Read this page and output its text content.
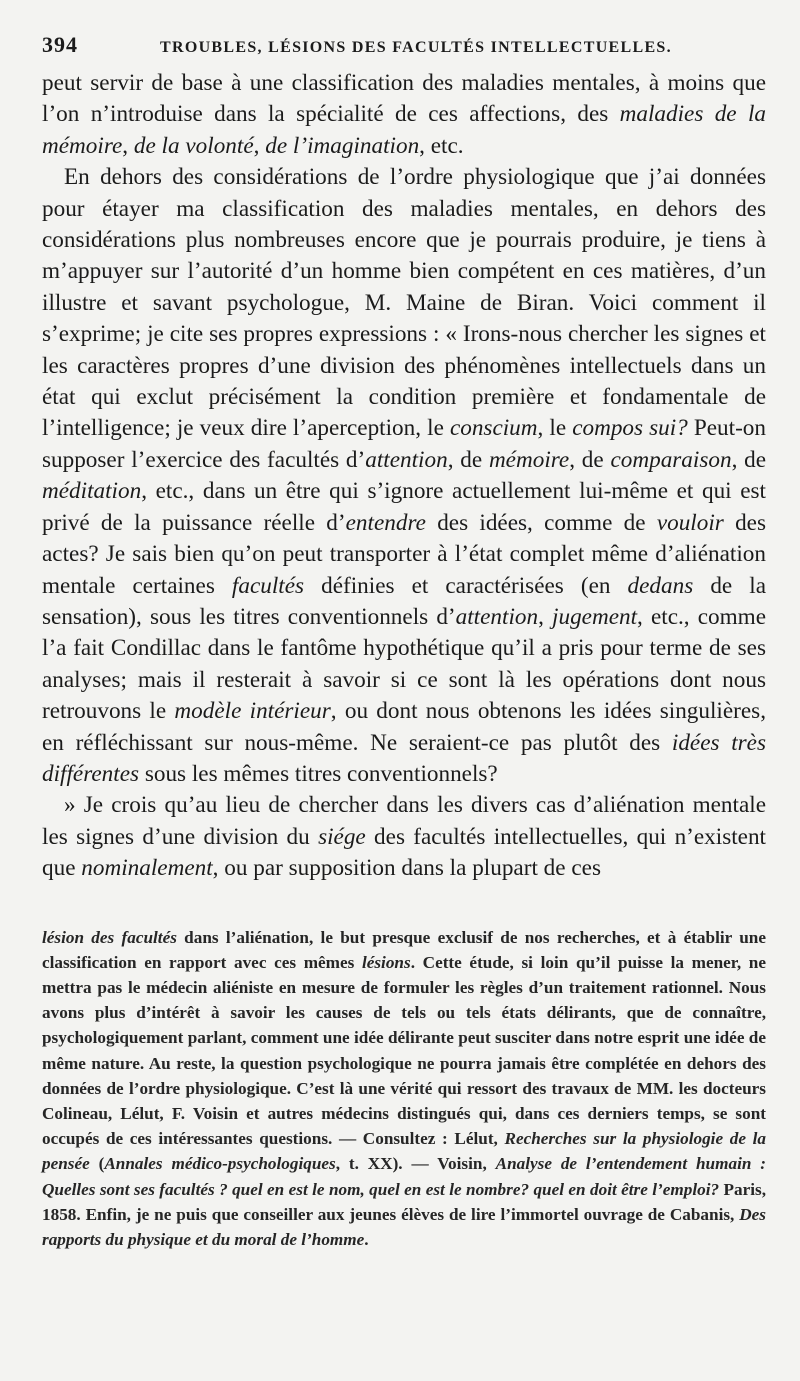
394	TROUBLES, LÉSIONS DES FACULTÉS INTELLECTUELLES.

peut servir de base à une classification des maladies mentales, à moins que l’on n’introduise dans la spécialité de ces affections, des maladies de la mémoire, de la volonté, de l’imagination, etc.

En dehors des considérations de l’ordre physiologique que j’ai données pour étayer ma classification des maladies mentales, en dehors des considérations plus nombreuses encore que je pourrais produire, je tiens à m’appuyer sur l’autorité d’un homme bien compétent en ces matières, d’un illustre et savant psychologue, M. Maine de Biran. Voici comment il s’exprime; je cite ses propres expressions : « Irons-nous chercher les signes et les caractères propres d’une division des phénomènes intellectuels dans un état qui exclut précisément la condition première et fondamentale de l’intelligence; je veux dire l’aperception, le conscium, le compos sui? Peut-on supposer l’exercice des facultés d’attention, de mémoire, de comparaison, de méditation, etc., dans un être qui s’ignore actuellement lui-même et qui est privé de la puissance réelle d’entendre des idées, comme de vouloir des actes? Je sais bien qu’on peut transporter à l’état complet même d’aliénation mentale certaines facultés définies et caractérisées (en dedans de la sensation), sous les titres conventionnels d’attention, jugement, etc., comme l’a fait Condillac dans le fantôme hypothétique qu’il a pris pour terme de ses analyses; mais il resterait à savoir si ce sont là les opérations dont nous retrouvons le modèle intérieur, ou dont nous obtenons les idées singulières, en réfléchissant sur nous-même. Ne seraient-ce pas plutôt des idées très différentes sous les mêmes titres conventionnels?

» Je crois qu’au lieu de chercher dans les divers cas d’aliénation mentale les signes d’une division du siége des facultés intellectuelles, qui n’existent que nominalement, ou par supposition dans la plupart de ces

lésion des facultés dans l’aliénation, le but presque exclusif de nos recherches, et à établir une classification en rapport avec ces mêmes lésions. Cette étude, si loin qu’il puisse la mener, ne mettra pas le médecin aliéniste en mesure de formuler les règles d’un traitement rationnel. Nous avons plus d’intérêt à savoir les causes de tels ou tels états délirants, que de connaître, psychologiquement parlant, comment une idée délirante peut susciter dans notre esprit une idée de même nature. Au reste, la question psychologique ne pourra jamais être complétée en dehors des données de l’ordre physiologique. C’est là une vérité qui ressort des travaux de MM. les docteurs Colineau, Lélut, F. Voisin et autres médecins distingués qui, dans ces derniers temps, se sont occupés de ces intéressantes questions. — Consultez : Lélut, Recherches sur la physiologie de la pensée (Annales médico-psychologiques, t. XX). — Voisin, Analyse de l’entendement humain : Quelles sont ses facultés ? quel en est le nom, quel en est le nombre? quel en doit être l’emploi? Paris, 1858. Enfin, je ne puis que conseiller aux jeunes élèves de lire l’immortel ouvrage de Cabanis, Des rapports du physique et du moral de l’homme.
